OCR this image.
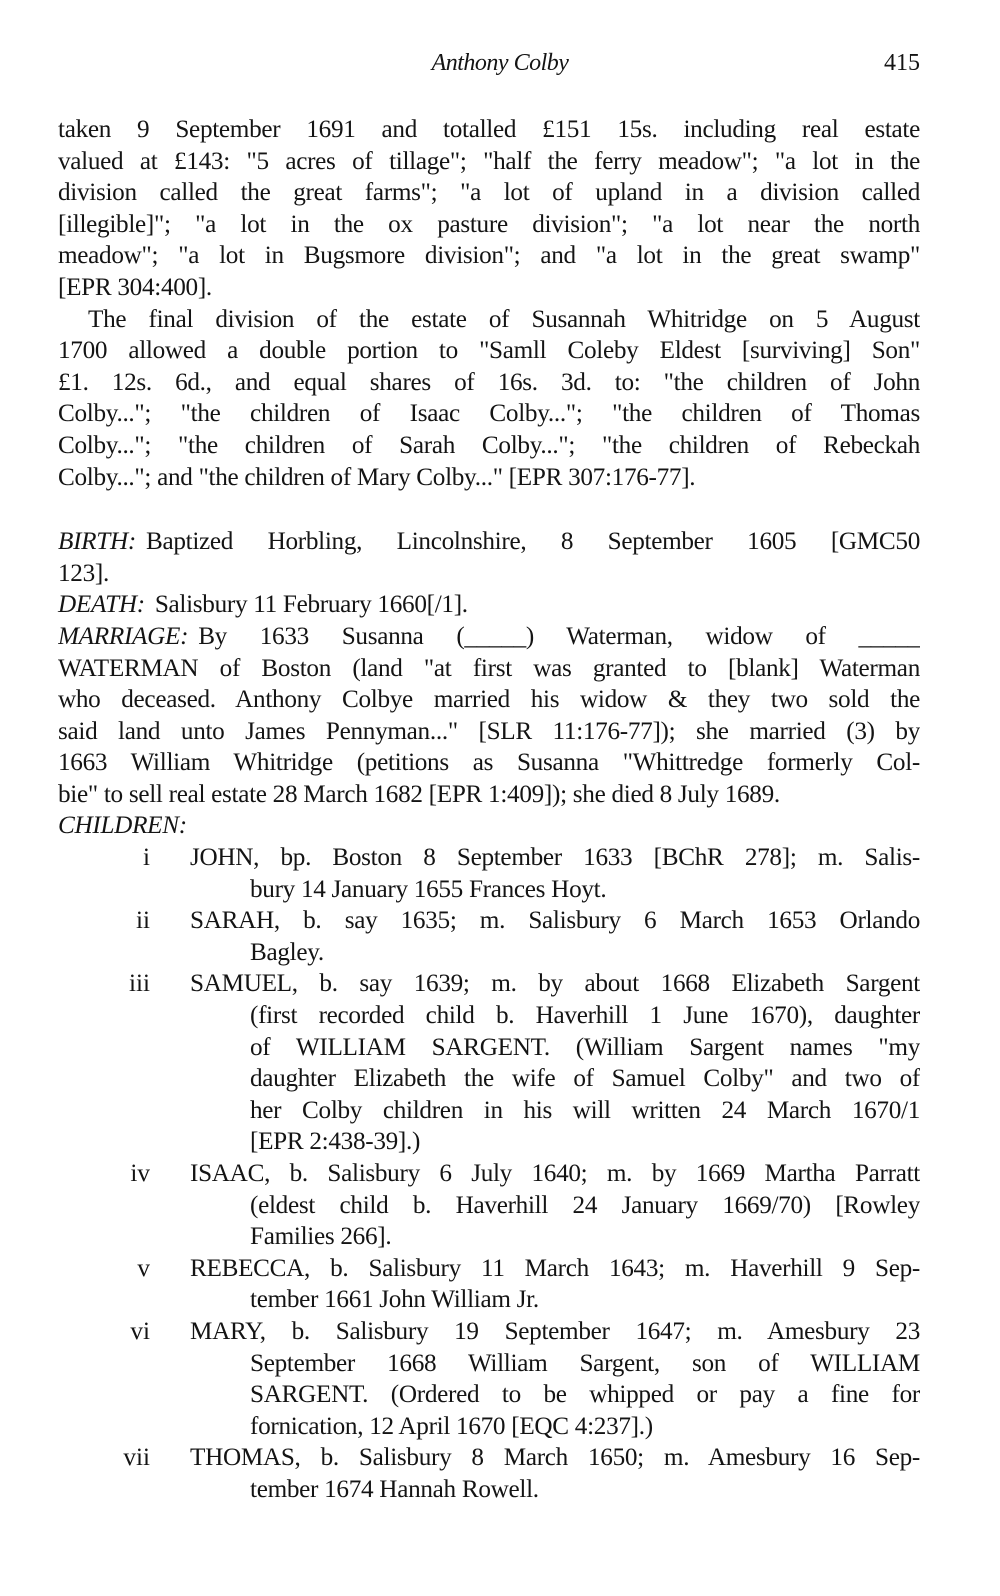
Anthony Colby	415
taken 9 September 1691 and totalled £151 15s. including real estate
valued at £143: "5 acres of tillage"; "half the ferry meadow"; "a lot in the
division called the great farms"; "a lot of upland in a division called
[illegible]"; "a lot in the ox pasture division"; "a lot near the north
meadow"; "a lot in Bugsmore division"; and "a lot in the great swamp"
[EPR 304:400].
The final division of the estate of Susannah Whitridge on 5 August
1700 allowed a double portion to "Samll Coleby Eldest [surviving] Son"
£1. 12s. 6d., and equal shares of 16s. 3d. to: "the children of John
Colby..."; "the children of Isaac Colby..."; "the children of Thomas
Colby..."; "the children of Sarah Colby..."; "the children of Rebeckah
Colby..."; and "the children of Mary Colby..." [EPR 307:176-77].
BIRTH: Baptized Horbling, Lincolnshire, 8 September 1605 [GMC50
123].
DEATH: Salisbury 11 February 1660[/1].
MARRIAGE: By 1633 Susanna (_____) Waterman, widow of _____
WATERMAN of Boston (land "at first was granted to [blank] Waterman
who deceased. Anthony Colbye married his widow & they two sold the
said land unto James Pennyman..." [SLR 11:176-77]); she married (3) by
1663 William Whitridge (petitions as Susanna "Whittredge formerly Col-
bie" to sell real estate 28 March 1682 [EPR 1:409]); she died 8 July 1689.
CHILDREN:
i JOHN, bp. Boston 8 September 1633 [BChR 278]; m. Salis-
bury 14 January 1655 Frances Hoyt.
ii SARAH, b. say 1635; m. Salisbury 6 March 1653 Orlando
Bagley.
iii SAMUEL, b. say 1639; m. by about 1668 Elizabeth Sargent
(first recorded child b. Haverhill 1 June 1670), daughter
of WILLIAM SARGENT. (William Sargent names "my
daughter Elizabeth the wife of Samuel Colby" and two of
her Colby children in his will written 24 March 1670/1
[EPR 2:438-39].)
iv ISAAC, b. Salisbury 6 July 1640; m. by 1669 Martha Parratt
(eldest child b. Haverhill 24 January 1669/70) [Rowley
Families 266].
v REBECCA, b. Salisbury 11 March 1643; m. Haverhill 9 Sep-
tember 1661 John William Jr.
vi MARY, b. Salisbury 19 September 1647; m. Amesbury 23
September 1668 William Sargent, son of WILLIAM
SARGENT. (Ordered to be whipped or pay a fine for
fornication, 12 April 1670 [EQC 4:237].)
vii THOMAS, b. Salisbury 8 March 1650; m. Amesbury 16 Sep-
tember 1674 Hannah Rowell.
